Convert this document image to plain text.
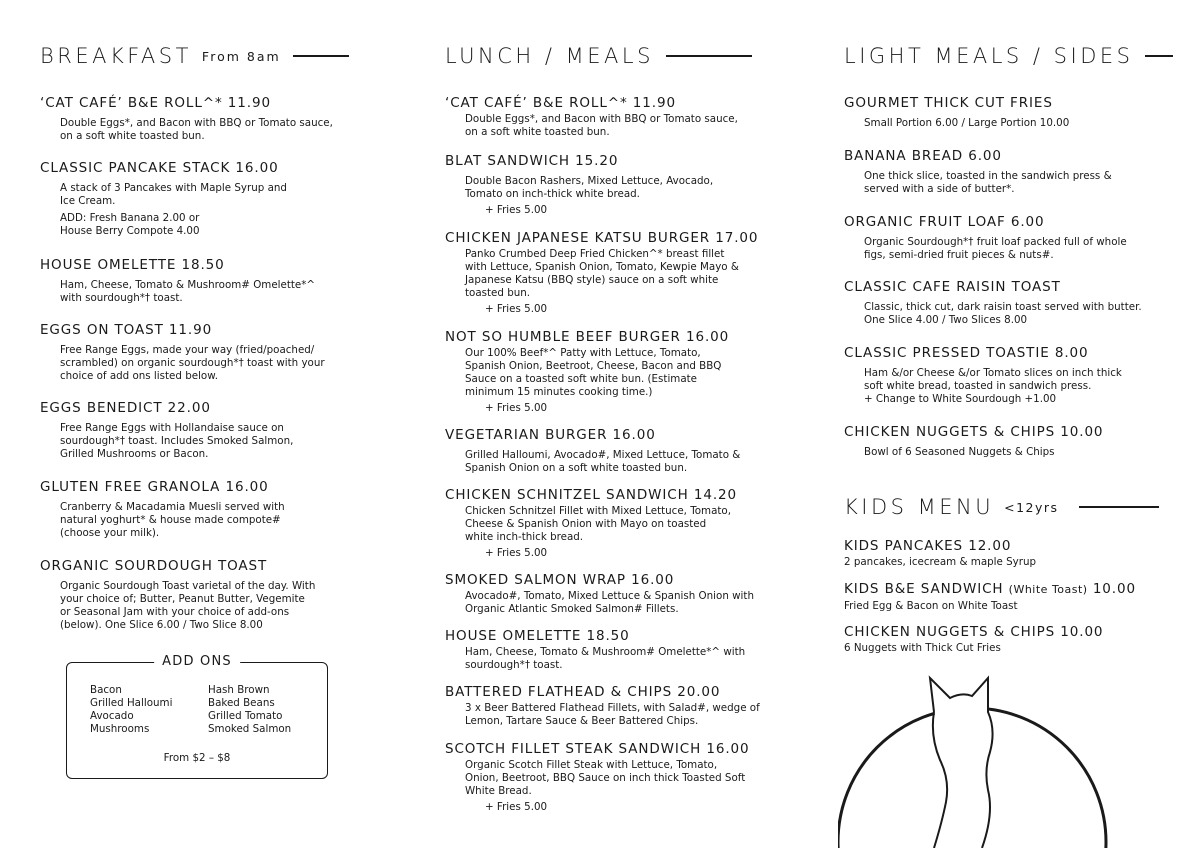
BREAKFAST From 8am
‘CAT CAFÉ’ B&E ROLL^* 11.90
Double Eggs*, and Bacon with BBQ or Tomato sauce,
on a soft white toasted bun.
CLASSIC PANCAKE STACK 16.00
A stack of 3 Pancakes with Maple Syrup and
Ice Cream.
ADD: Fresh Banana 2.00 or
House Berry Compote 4.00
HOUSE OMELETTE 18.50
Ham, Cheese, Tomato & Mushroom# Omelette*^
with sourdough*† toast.
EGGS ON TOAST 11.90
Free Range Eggs, made your way (fried/poached/
scrambled) on organic sourdough*† toast with your
choice of add ons listed below.
EGGS BENEDICT 22.00
Free Range Eggs with Hollandaise sauce on
sourdough*† toast. Includes Smoked Salmon,
Grilled Mushrooms or Bacon.
GLUTEN FREE GRANOLA 16.00
Cranberry & Macadamia Muesli served with
natural yoghurt* & house made compote#
(choose your milk).
ORGANIC SOURDOUGH TOAST
Organic Sourdough Toast varietal of the day. With
your choice of; Butter, Peanut Butter, Vegemite
or Seasonal Jam with your choice of add-ons
(below). One Slice 6.00 / Two Slice 8.00
ADD ONS
Bacon
Grilled Halloumi
Avocado
Mushrooms
Hash Brown
Baked Beans
Grilled Tomato
Smoked Salmon
From $2 – $8
LUNCH / MEALS
‘CAT CAFÉ’ B&E ROLL^* 11.90
Double Eggs*, and Bacon with BBQ or Tomato sauce,
on a soft white toasted bun.
BLAT SANDWICH 15.20
Double Bacon Rashers, Mixed Lettuce, Avocado,
Tomato on inch-thick white bread.
+ Fries 5.00
CHICKEN JAPANESE KATSU BURGER 17.00
Panko Crumbed Deep Fried Chicken^* breast fillet
with Lettuce, Spanish Onion, Tomato, Kewpie Mayo &
Japanese Katsu (BBQ style) sauce on a soft white
toasted bun.
+ Fries 5.00
NOT SO HUMBLE BEEF BURGER 16.00
Our 100% Beef*^ Patty with Lettuce, Tomato,
Spanish Onion, Beetroot, Cheese, Bacon and BBQ
Sauce on a toasted soft white bun. (Estimate
minimum 15 minutes cooking time.)
+ Fries 5.00
VEGETARIAN BURGER 16.00
Grilled Halloumi, Avocado#, Mixed Lettuce, Tomato &
Spanish Onion on a soft white toasted bun.
CHICKEN SCHNITZEL SANDWICH 14.20
Chicken Schnitzel Fillet with Mixed Lettuce, Tomato,
Cheese & Spanish Onion with Mayo on toasted
white inch-thick bread.
+ Fries 5.00
SMOKED SALMON WRAP 16.00
Avocado#, Tomato, Mixed Lettuce & Spanish Onion with
Organic Atlantic Smoked Salmon# Fillets.
HOUSE OMELETTE 18.50
Ham, Cheese, Tomato & Mushroom# Omelette*^ with
sourdough*† toast.
BATTERED FLATHEAD & CHIPS 20.00
3 x Beer Battered Flathead Fillets, with Salad#, wedge of
Lemon, Tartare Sauce & Beer Battered Chips.
SCOTCH FILLET STEAK SANDWICH 16.00
Organic Scotch Fillet Steak with Lettuce, Tomato,
Onion, Beetroot, BBQ Sauce on inch thick Toasted Soft
White Bread.
+ Fries 5.00
LIGHT MEALS / SIDES
GOURMET THICK CUT FRIES
Small Portion 6.00 / Large Portion 10.00
BANANA BREAD 6.00
One thick slice, toasted in the sandwich press &
served with a side of butter*.
ORGANIC FRUIT LOAF 6.00
Organic Sourdough*† fruit loaf packed full of whole
figs, semi-dried fruit pieces & nuts#.
CLASSIC CAFE RAISIN TOAST
Classic, thick cut, dark raisin toast served with butter.
One Slice 4.00 / Two Slices 8.00
CLASSIC PRESSED TOASTIE 8.00
Ham &/or Cheese &/or Tomato slices on inch thick
soft white bread, toasted in sandwich press.
+ Change to White Sourdough +1.00
CHICKEN NUGGETS & CHIPS 10.00
Bowl of 6 Seasoned Nuggets & Chips
KIDS MENU <12yrs
KIDS PANCAKES 12.00
2 pancakes, icecream & maple Syrup
KIDS B&E SANDWICH (White Toast) 10.00
Fried Egg & Bacon on White Toast
CHICKEN NUGGETS & CHIPS 10.00
6 Nuggets with Thick Cut Fries
